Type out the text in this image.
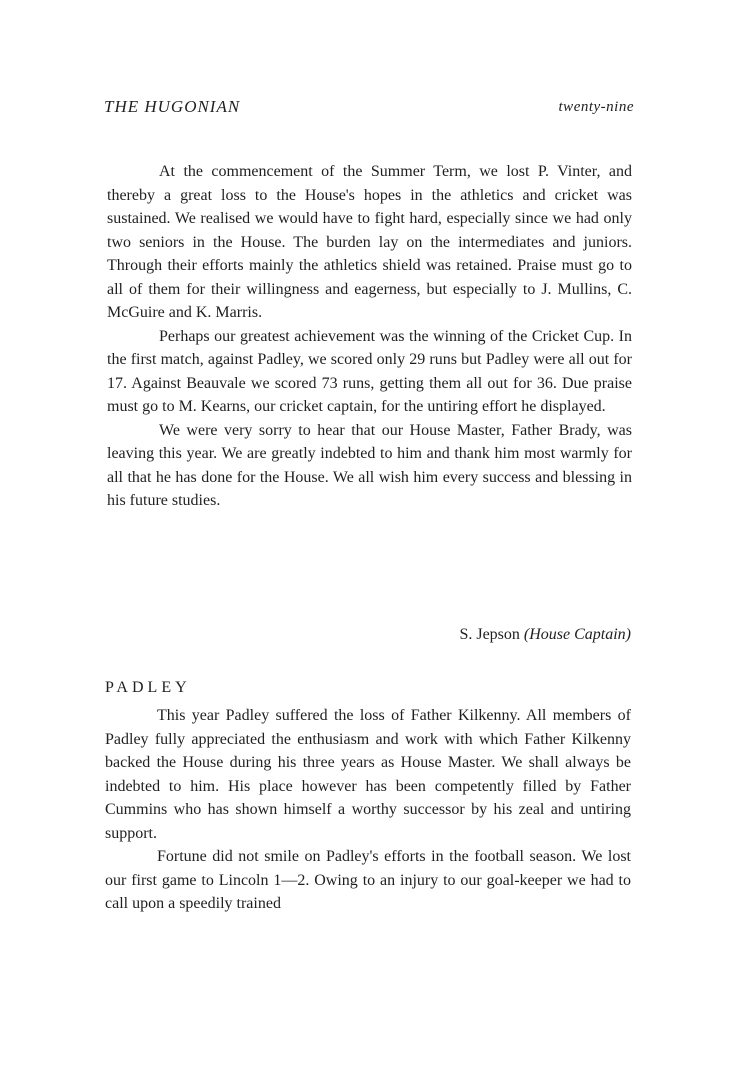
THE HUGONIAN	twenty-nine

At the commencement of the Summer Term, we lost P. Vinter, and thereby a great loss to the House's hopes in the athletics and cricket was sustained. We realised we would have to fight hard, especially since we had only two seniors in the House. The burden lay on the intermediates and juniors. Through their efforts mainly the athletics shield was retained. Praise must go to all of them for their willingness and eagerness, but especially to J. Mullins, C. McGuire and K. Marris.

Perhaps our greatest achievement was the winning of the Cricket Cup. In the first match, against Padley, we scored only 29 runs but Padley were all out for 17. Against Beauvale we scored 73 runs, getting them all out for 36. Due praise must go to M. Kearns, our cricket captain, for the untiring effort he displayed.

We were very sorry to hear that our House Master, Father Brady, was leaving this year. We are greatly indebted to him and thank him most warmly for all that he has done for the House. We all wish him every success and blessing in his future studies.

S. Jepson (House Captain)
PADLEY

This year Padley suffered the loss of Father Kilkenny. All members of Padley fully appreciated the enthusiasm and work with which Father Kilkenny backed the House during his three years as House Master. We shall always be indebted to him. His place however has been competently filled by Father Cummins who has shown himself a worthy successor by his zeal and untiring support.

Fortune did not smile on Padley's efforts in the football season. We lost our first game to Lincoln 1—2. Owing to an injury to our goal-keeper we had to call upon a speedily trained
